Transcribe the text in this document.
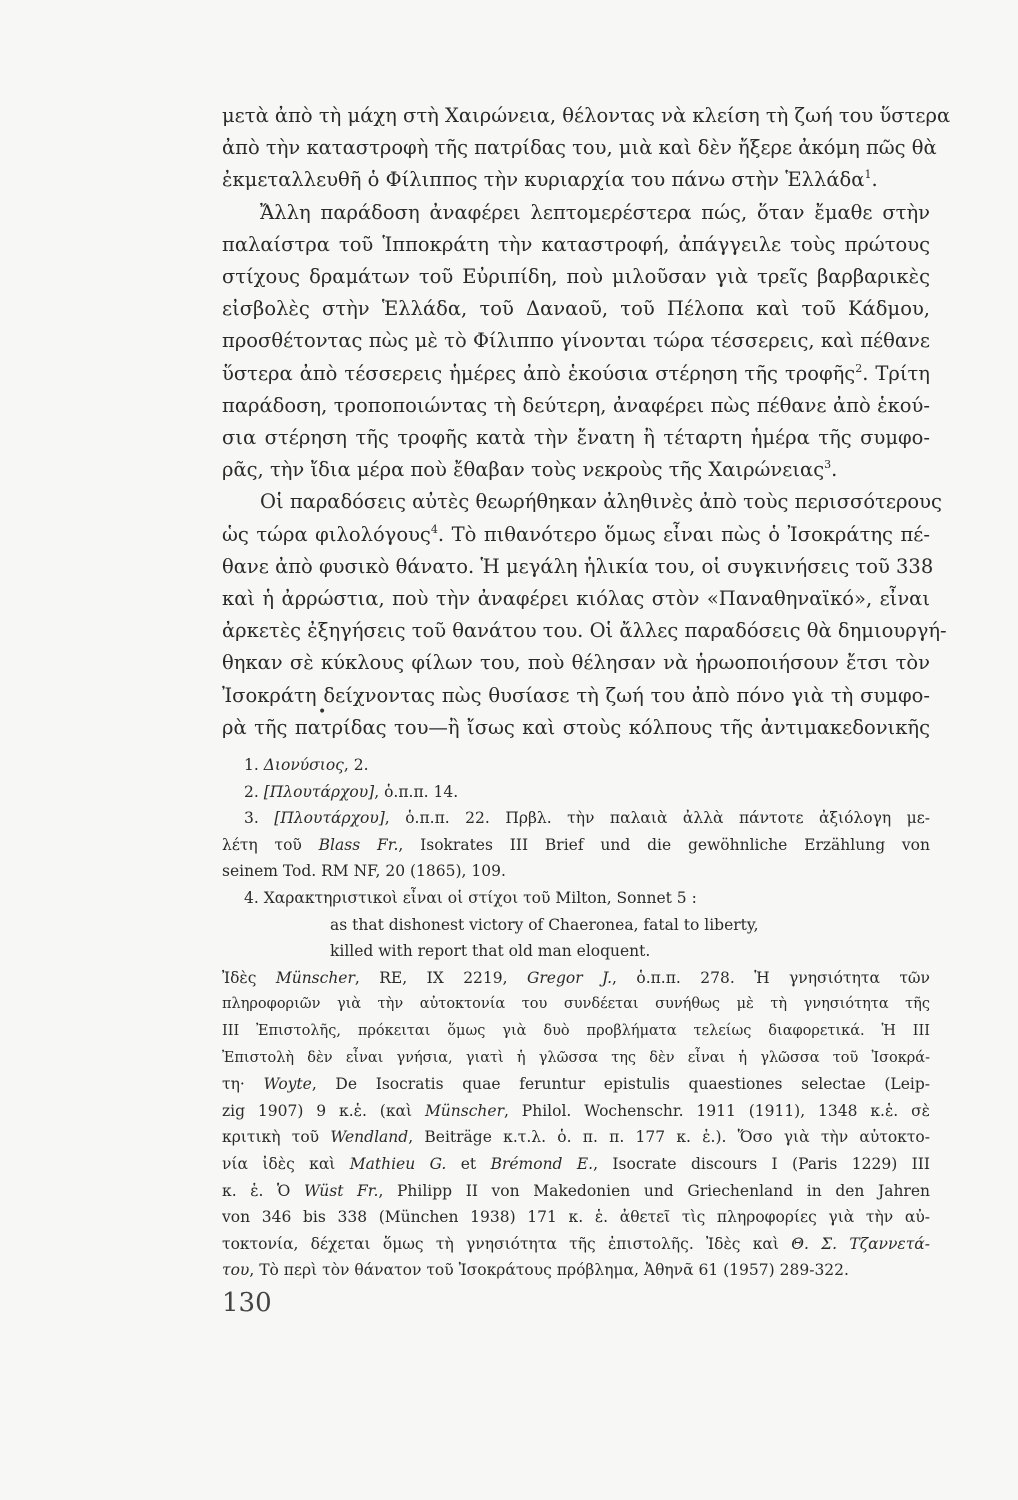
μετὰ ἀπὸ τὴ μάχη στὴ Χαιρώνεια, θέλοντας νὰ κλείση τὴ ζωή του ὕστερα
ἀπὸ τὴν καταστροφὴ τῆς πατρίδας του, μιὰ καὶ δὲν ἤξερε ἀκόμη πῶς θὰ
ἐκμεταλλευθῆ ὁ Φίλιππος τὴν κυριαρχία του πάνω στὴν Ἑλλάδα$^1$.
Ἄλλη παράδοση ἀναφέρει λεπτομερέστερα πώς, ὅταν ἔμαθε στὴν
παλαίστρα τοῦ Ἱπποκράτη τὴν καταστροφή, ἀπάγγειλε τοὺς πρώτους
στίχους δραμάτων τοῦ Εὐριπίδη, ποὺ μιλοῦσαν γιὰ τρεῖς βαρβαρικὲς
εἰσβολὲς στὴν Ἑλλάδα, τοῦ Δαναοῦ, τοῦ Πέλοπα καὶ τοῦ Κάδμου,
προσθέτοντας πὼς μὲ τὸ Φίλιππο γίνονται τώρα τέσσερεις, καὶ πέθανε
ὕστερα ἀπὸ τέσσερεις ἡμέρες ἀπὸ ἑκούσια στέρηση τῆς τροφῆς$^2$. Τρίτη
παράδοση, τροποποιώντας τὴ δεύτερη, ἀναφέρει πὼς πέθανε ἀπὸ ἑκού-
σια στέρηση τῆς τροφῆς κατὰ τὴν ἔνατη ἢ τέταρτη ἡμέρα τῆς συμφο-
ρᾶς, τὴν ἴδια μέρα ποὺ ἔθαβαν τοὺς νεκροὺς τῆς Χαιρώνειας$^3$.
Οἱ παραδόσεις αὐτὲς θεωρήθηκαν ἀληθινὲς ἀπὸ τοὺς περισσότερους
ὡς τώρα φιλολόγους$^4$. Τὸ πιθανότερο ὅμως εἶναι πὼς ὁ Ἰσοκράτης πέ-
θανε ἀπὸ φυσικὸ θάνατο. Ἡ μεγάλη ἡλικία του, οἱ συγκινήσεις τοῦ 338
καὶ ἡ ἀρρώστια, ποὺ τὴν ἀναφέρει κιόλας στὸν «Παναθηναϊκό», εἶναι
ἀρκετὲς ἐξηγήσεις τοῦ θανάτου του. Οἱ ἄλλες παραδόσεις θὰ δημιουργή-
θηκαν σὲ κύκλους φίλων του, ποὺ θέλησαν νὰ ἡρωοποιήσουν ἔτσι τὸν
Ἰσοκράτη δείχνοντας πὼς θυσίασε τὴ ζωή του ἀπὸ πόνο γιὰ τὴ συμφο-
ρὰ τῆς πατρίδας του—ἢ ἴσως καὶ στοὺς κόλπους τῆς ἀντιμακεδονικῆς
•
1. Διονύσιος, 2.
2. [Πλουτάρχου], ὁ.π.π. 14.
3. [Πλουτάρχου], ὁ.π.π. 22. Πρβλ. τὴν παλαιὰ ἀλλὰ πάντοτε ἀξιόλογη με-
λέτη τοῦ Blass Fr., Isokrates III Brief und die gewöhnliche Erzählung von
seinem Tod. RM NF, 20 (1865), 109.
4. Χαρακτηριστικοὶ εἶναι οἱ στίχοι τοῦ Milton, Sonnet 5 :
as that dishonest victory of Chaeronea, fatal to liberty,
killed with report that old man eloquent.
Ἰδὲς Münscher, RE, IX 2219, Gregor J., ὁ.π.π. 278. Ἡ γνησιότητα τῶν
πληροφοριῶν γιὰ τὴν αὐτοκτονία του συνδέεται συνήθως μὲ τὴ γνησιότητα τῆς
III Ἐπιστολῆς, πρόκειται ὅμως γιὰ δυὸ προβλήματα τελείως διαφορετικά. Ἡ III
Ἐπιστολὴ δὲν εἶναι γνήσια, γιατὶ ἡ γλῶσσα της δὲν εἶναι ἡ γλῶσσα τοῦ Ἰσοκρά-
τη· Woyte, De Isocratis quae feruntur epistulis quaestiones selectae (Leip-
zig 1907) 9 κ.ἑ. (καὶ Münscher, Philol. Wochenschr. 1911 (1911), 1348 κ.ἑ. σὲ
κριτικὴ τοῦ Wendland, Beiträge κ.τ.λ. ὁ. π. π. 177 κ. ἑ.). Ὅσο γιὰ τὴν αὐτοκτο-
νία ἰδὲς καὶ Mathieu G. et Brémond E., Isocrate discours I (Paris 1229) III
κ. ἑ. Ὁ Wüst Fr., Philipp II von Makedonien und Griechenland in den Jahren
von 346 bis 338 (München 1938) 171 κ. ἑ. ἀθετεῖ τὶς πληροφορίες γιὰ τὴν αὐ-
τοκτονία, δέχεται ὅμως τὴ γνησιότητα τῆς ἐπιστολῆς. Ἰδὲς καὶ Θ. Σ. Τζαννετά-
του, Τὸ περὶ τὸν θάνατον τοῦ Ἰσοκράτους πρόβλημα, Ἀθηνᾶ 61 (1957) 289-322.
130
